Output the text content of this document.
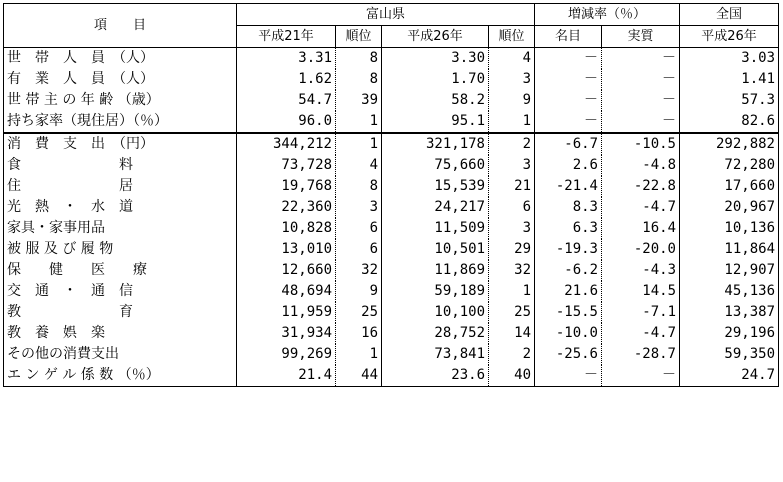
項　　目	富山県				増減率（％）		全国
	平成21年	順位	平成26年	順位	名目	実質	平成26年
世　帯　人　員　（人）	3.31	8	3.30	4	－	－	3.03
有　業　人　員　（人）	1.62	8	1.70	3	－	－	1.41
世 帯 主 の 年 齢 （歳）	54.7	39	58.2	9	－	－	57.3
持ち家率（現住居）（％）	96.0	1	95.1	1	－	－	82.6
消　費　支　出　（円）	344,212	1	321,178	2	-6.7	-10.5	292,882
食　　　　　　　料	73,728	4	75,660	3	2.6	-4.8	72,280
住　　　　　　　居	19,768	8	15,539	21	-21.4	-22.8	17,660
光　熱　・　水　道	22,360	3	24,217	6	8.3	-4.7	20,967
家具・家事用品	10,828	6	11,509	3	6.3	16.4	10,136
被 服 及 び 履 物	13,010	6	10,501	29	-19.3	-20.0	11,864
保　　健　　医　　療	12,660	32	11,869	32	-6.2	-4.3	12,907
交　通　・　通　信	48,694	9	59,189	1	21.6	14.5	45,136
教　　　　　　　育	11,959	25	10,100	25	-15.5	-7.1	13,387
教　養　娯　楽	31,934	16	28,752	14	-10.0	-4.7	29,196
その他の消費支出	99,269	1	73,841	2	-25.6	-28.7	59,350
エ ン ゲ ル 係 数 （％）	21.4	44	23.6	40	－	－	24.7
